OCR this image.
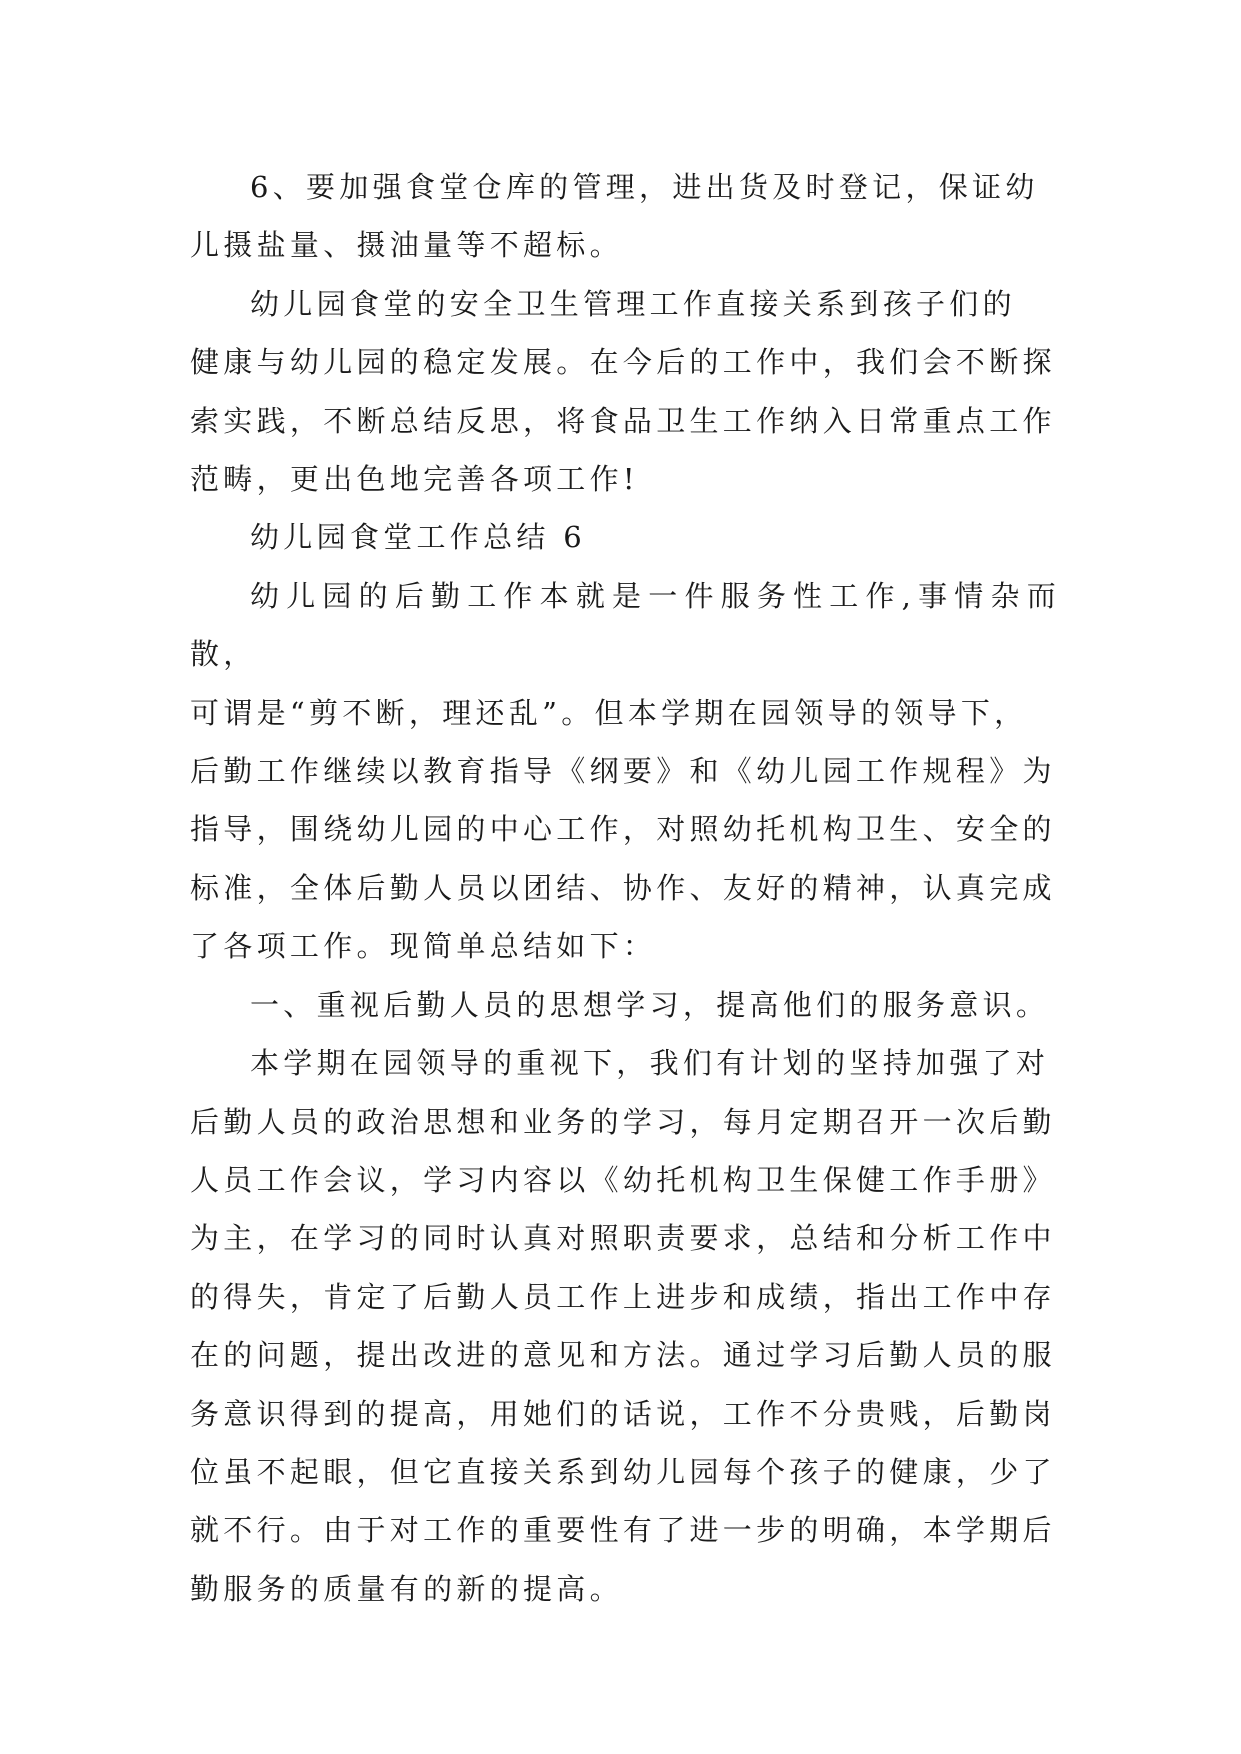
6、要加强食堂仓库的管理，进出货及时登记，保证幼
儿摄盐量、摄油量等不超标。

幼儿园食堂的安全卫生管理工作直接关系到孩子们的
健康与幼儿园的稳定发展。在今后的工作中，我们会不断探
索实践，不断总结反思，将食品卫生工作纳入日常重点工作
范畴，更出色地完善各项工作!

幼儿园食堂工作总结 6

幼儿园的后勤工作本就是一件服务性工作,事情杂而散，
可谓是“剪不断，理还乱”。但本学期在园领导的领导下，
后勤工作继续以教育指导《纲要》和《幼儿园工作规程》为
指导，围绕幼儿园的中心工作，对照幼托机构卫生、安全的
标准，全体后勤人员以团结、协作、友好的精神，认真完成
了各项工作。现简单总结如下：

一、重视后勤人员的思想学习，提高他们的服务意识。

本学期在园领导的重视下，我们有计划的坚持加强了对
后勤人员的政治思想和业务的学习，每月定期召开一次后勤
人员工作会议，学习内容以《幼托机构卫生保健工作手册》
为主，在学习的同时认真对照职责要求，总结和分析工作中
的得失，肯定了后勤人员工作上进步和成绩，指出工作中存
在的问题，提出改进的意见和方法。通过学习后勤人员的服
务意识得到的提高，用她们的话说，工作不分贵贱，后勤岗
位虽不起眼，但它直接关系到幼儿园每个孩子的健康，少了
就不行。由于对工作的重要性有了进一步的明确，本学期后
勤服务的质量有的新的提高。
